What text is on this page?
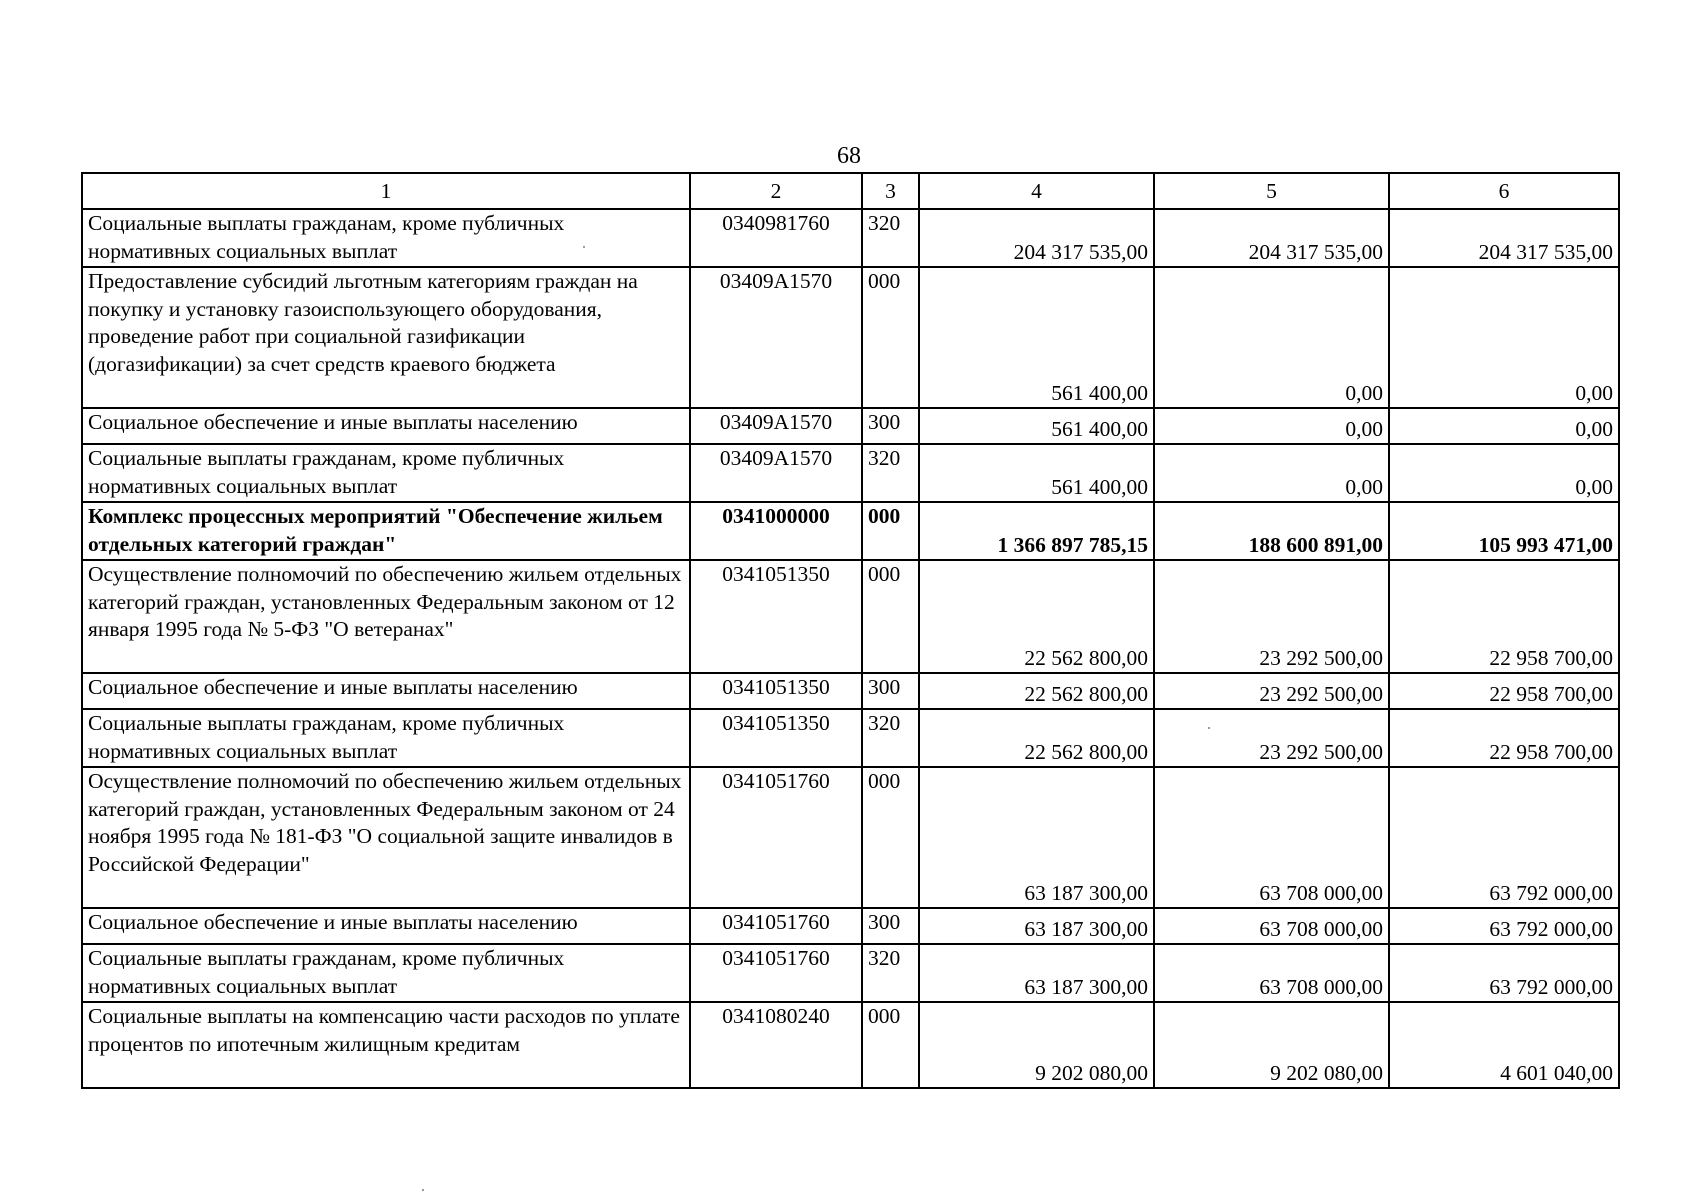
68
1	2	3	4	5	6
Социальные выплаты гражданам, кроме публичных нормативных социальных выплат	0340981760	320	204 317 535,00	204 317 535,00	204 317 535,00
Предоставление субсидий льготным категориям граждан на покупку и установку газоиспользующего оборудования, проведение работ при социальной газификации (догазификации) за счет средств краевого бюджета	03409A1570	000	561 400,00	0,00	0,00
Социальное обеспечение и иные выплаты населению	03409A1570	300	561 400,00	0,00	0,00
Социальные выплаты гражданам, кроме публичных нормативных социальных выплат	03409A1570	320	561 400,00	0,00	0,00
Комплекс процессных мероприятий "Обеспечение жильем отдельных категорий граждан"	0341000000	000	1 366 897 785,15	188 600 891,00	105 993 471,00
Осуществление полномочий по обеспечению жильем отдельных категорий граждан, установленных Федеральным законом от 12 января 1995 года № 5-ФЗ "О ветеранах"	0341051350	000	22 562 800,00	23 292 500,00	22 958 700,00
Социальное обеспечение и иные выплаты населению	0341051350	300	22 562 800,00	23 292 500,00	22 958 700,00
Социальные выплаты гражданам, кроме публичных нормативных социальных выплат	0341051350	320	22 562 800,00	23 292 500,00	22 958 700,00
Осуществление полномочий по обеспечению жильем отдельных категорий граждан, установленных Федеральным законом от 24 ноября 1995 года № 181-ФЗ "О социальной защите инвалидов в Российской Федерации"	0341051760	000	63 187 300,00	63 708 000,00	63 792 000,00
Социальное обеспечение и иные выплаты населению	0341051760	300	63 187 300,00	63 708 000,00	63 792 000,00
Социальные выплаты гражданам, кроме публичных нормативных социальных выплат	0341051760	320	63 187 300,00	63 708 000,00	63 792 000,00
Социальные выплаты на компенсацию части расходов по уплате процентов по ипотечным жилищным кредитам	0341080240	000	9 202 080,00	9 202 080,00	4 601 040,00
